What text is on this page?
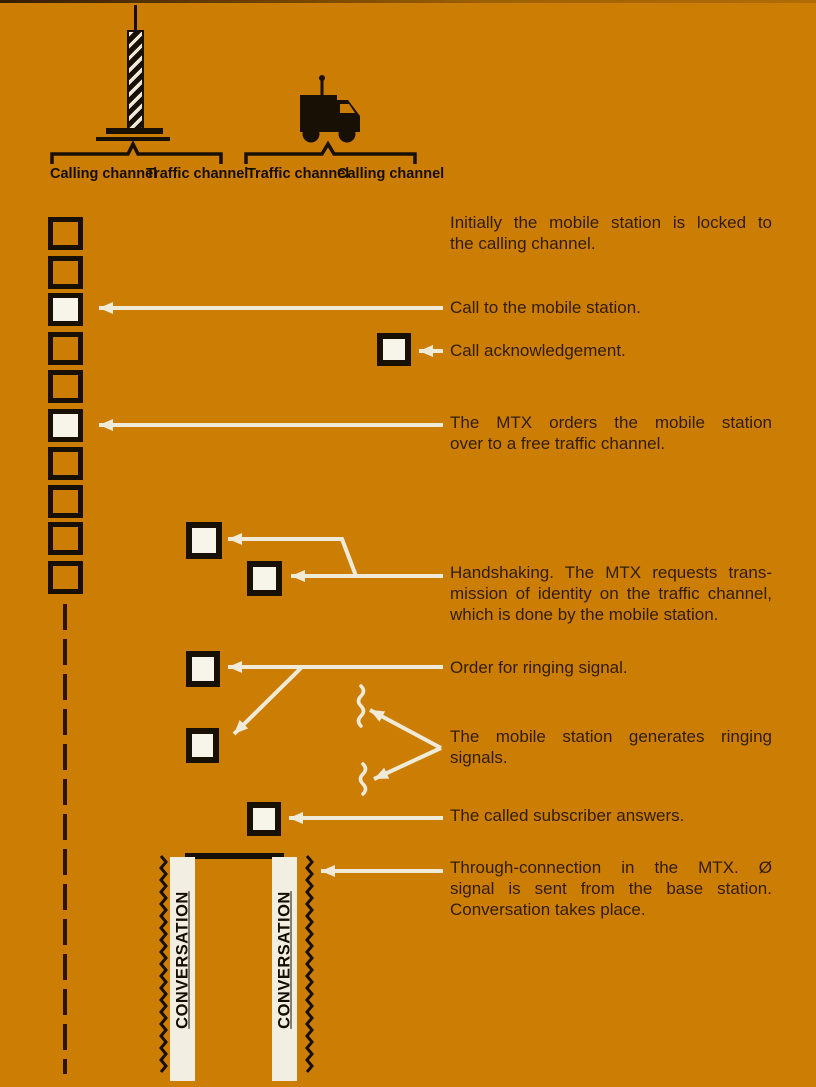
Calling channel
Traffic channel
Traffic channel
Calling channel
CONVERSATION	CONVERSATION
Initially the mobile station is locked to
the calling channel.
Call to the mobile station.
Call acknowledgement.
The MTX orders the mobile station
over to a free traffic channel.
Handshaking. The MTX requests trans-
mission of identity on the traffic channel,
which is done by the mobile station.
Order for ringing signal.
The mobile station generates ringing
signals.
The called subscriber answers.
Through-connection in the MTX. Ø
signal is sent from the base station.
Conversation takes place.
